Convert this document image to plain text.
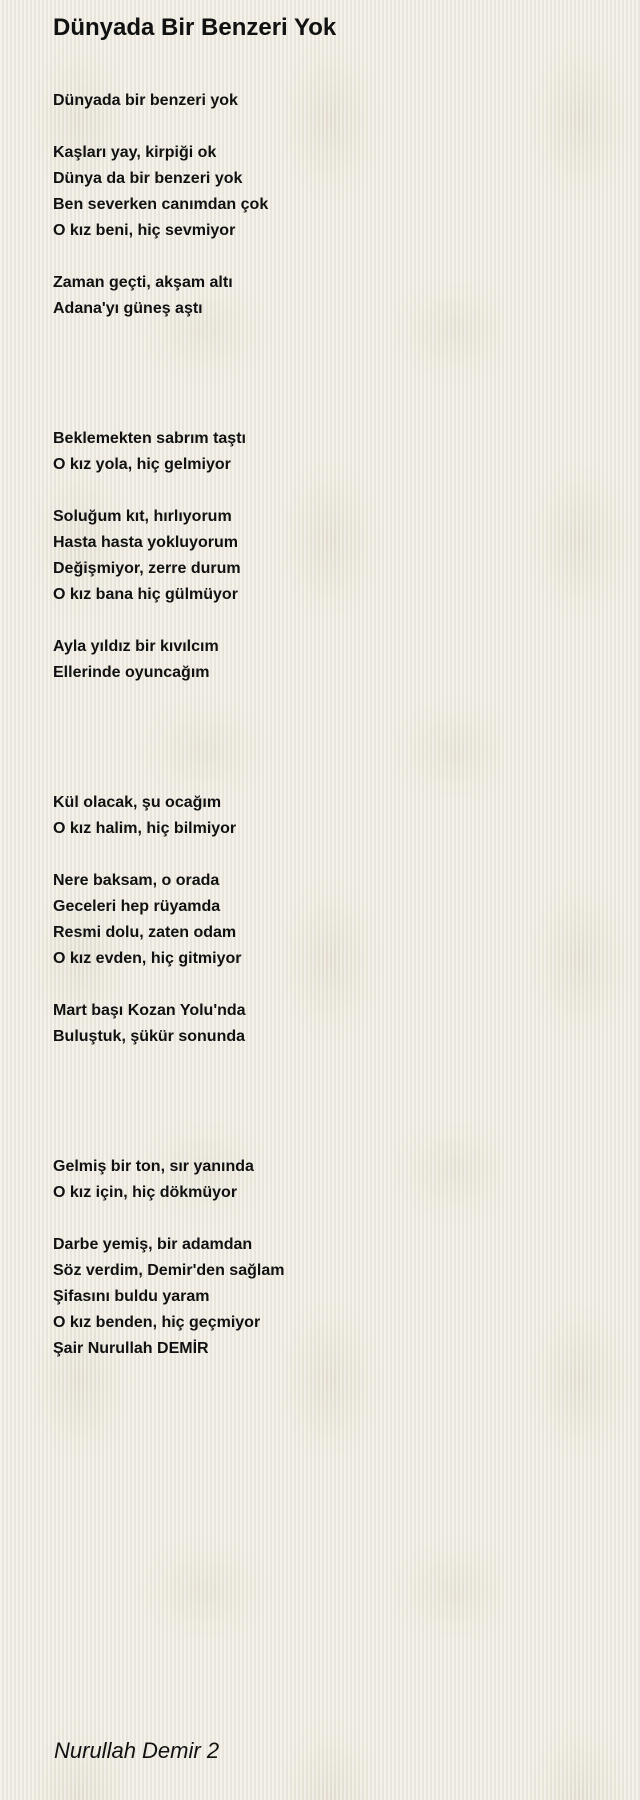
Dünyada Bir Benzeri Yok
Dünyada bir benzeri yok
Kaşları yay, kirpiği ok
Dünya da bir benzeri yok
Ben severken canımdan çok
O kız beni, hiç sevmiyor
Zaman geçti, akşam altı
Adana'yı güneş aştı
Beklemekten sabrım taştı
O kız yola, hiç gelmiyor
Soluğum kıt, hırlıyorum
Hasta hasta yokluyorum
Değişmiyor, zerre durum
O kız bana hiç gülmüyor
Ayla yıldız bir kıvılcım
Ellerinde oyuncağım
Kül olacak, şu ocağım
O kız halim, hiç bilmiyor
Nere baksam, o orada
Geceleri hep rüyamda
Resmi dolu, zaten odam
O kız evden, hiç gitmiyor
Mart başı Kozan Yolu'nda
Buluştuk, şükür sonunda
Gelmiş bir ton, sır yanında
O kız için, hiç dökmüyor
Darbe yemiş, bir adamdan
Söz verdim, Demir'den sağlam
Şifasını buldu yaram
O kız benden, hiç geçmiyor
Şair Nurullah DEMİR
Nurullah Demir 2
